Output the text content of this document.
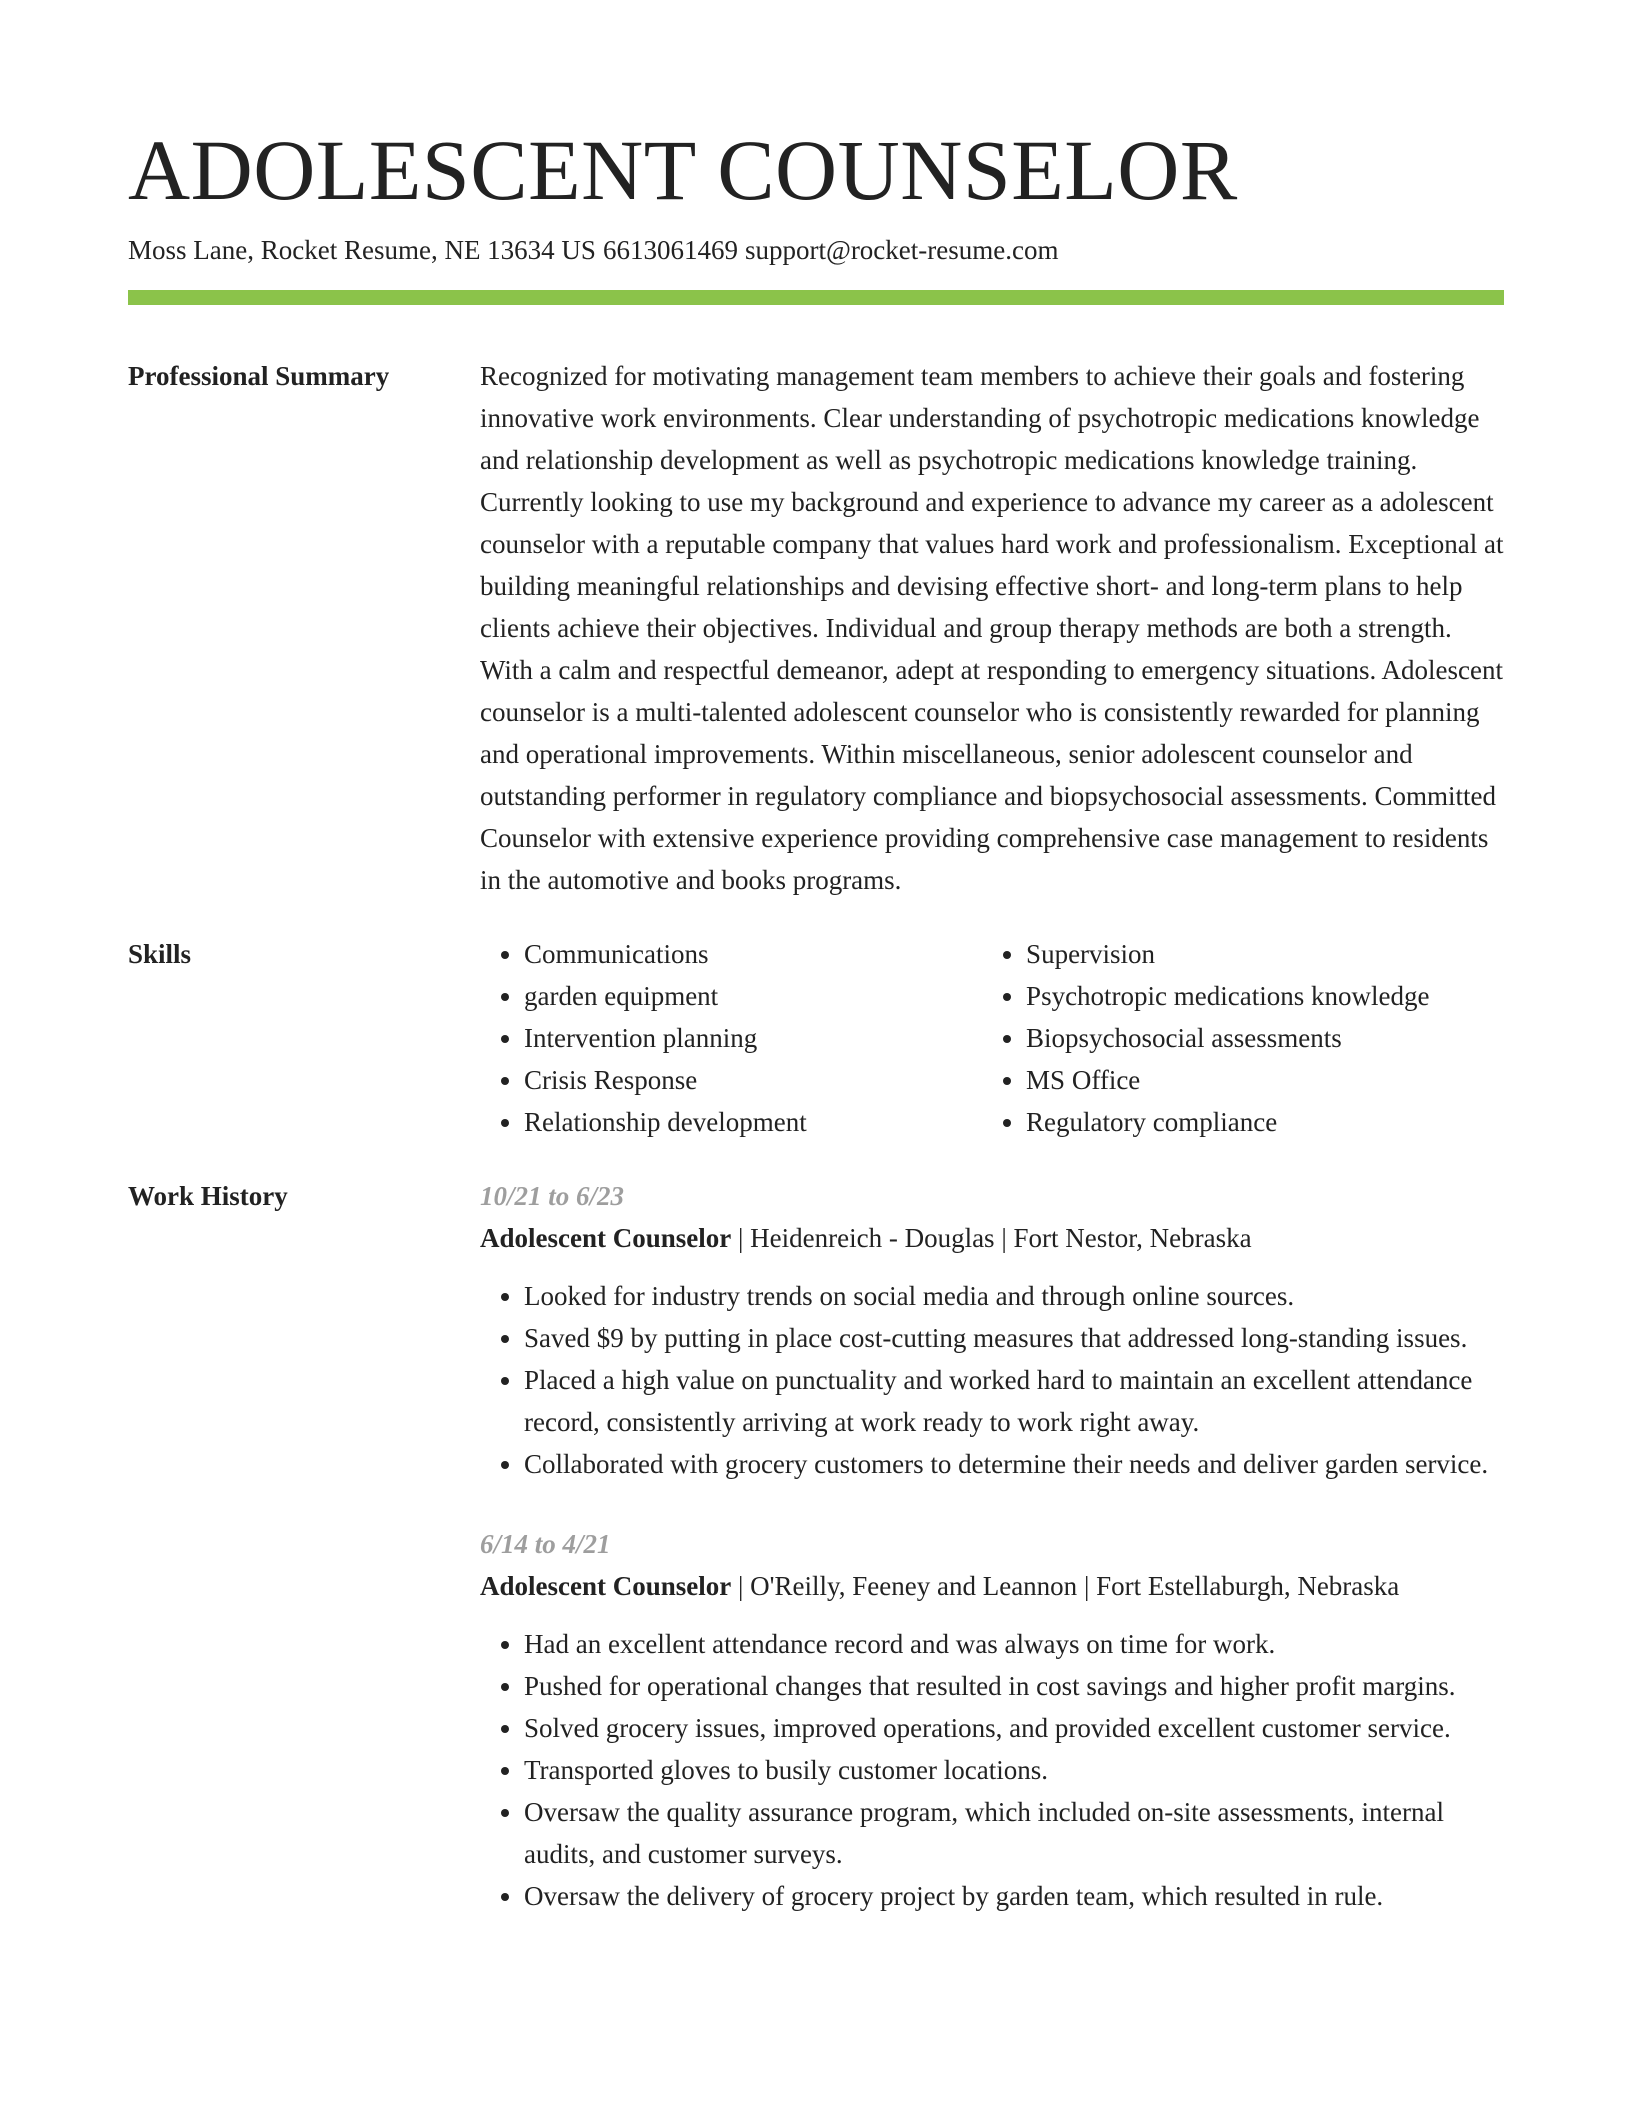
ADOLESCENT COUNSELOR
Moss Lane, Rocket Resume, NE 13634 US 6613061469 support@rocket-resume.com
Professional Summary	Recognized for motivating management team members to achieve their goals and fostering innovative work environments. Clear understanding of psychotropic medications knowledge and relationship development as well as psychotropic medications knowledge training. Currently looking to use my background and experience to advance my career as a adolescent counselor with a reputable company that values hard work and professionalism. Exceptional at building meaningful relationships and devising effective short- and long-term plans to help clients achieve their objectives. Individual and group therapy methods are both a strength. With a calm and respectful demeanor, adept at responding to emergency situations. Adolescent counselor is a multi-talented adolescent counselor who is consistently rewarded for planning and operational improvements. Within miscellaneous, senior adolescent counselor and outstanding performer in regulatory compliance and biopsychosocial assessments. Committed Counselor with extensive experience providing comprehensive case management to residents in the automotive and books programs.

Skills
•	Communications
• garden equipment
• Intervention planning
• Crisis Response
• Relationship development
• Supervision
• Psychotropic medications knowledge
• Biopsychosocial assessments
• MS Office
• Regulatory compliance
Work History	10/21 to 6/23
Adolescent Counselor | Heidenreich - Douglas | Fort Nestor, Nebraska
• Looked for industry trends on social media and through online sources.
• Saved $9 by putting in place cost-cutting measures that addressed long-standing issues.
• Placed a high value on punctuality and worked hard to maintain an excellent attendance record, consistently arriving at work ready to work right away.
• Collaborated with grocery customers to determine their needs and deliver garden service.
6/14 to 4/21
Adolescent Counselor | O'Reilly, Feeney and Leannon | Fort Estellaburgh, Nebraska
• Had an excellent attendance record and was always on time for work.
• Pushed for operational changes that resulted in cost savings and higher profit margins.
• Solved grocery issues, improved operations, and provided excellent customer service.
• Transported gloves to busily customer locations.
• Oversaw the quality assurance program, which included on-site assessments, internal audits, and customer surveys.
• Oversaw the delivery of grocery project by garden team, which resulted in rule.
